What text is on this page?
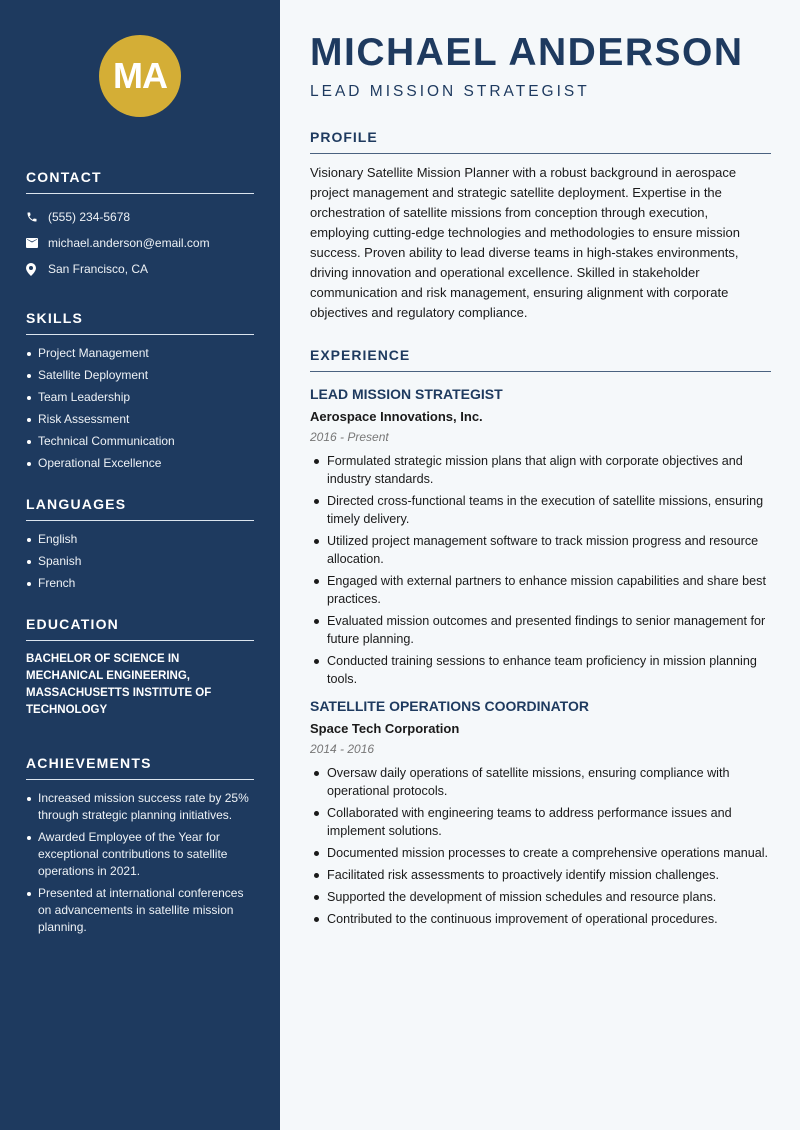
MA
CONTACT
(555) 234-5678
michael.anderson@email.com
San Francisco, CA
SKILLS
Project Management
Satellite Deployment
Team Leadership
Risk Assessment
Technical Communication
Operational Excellence
LANGUAGES
English
Spanish
French
EDUCATION
BACHELOR OF SCIENCE IN MECHANICAL ENGINEERING, MASSACHUSETTS INSTITUTE OF TECHNOLOGY
ACHIEVEMENTS
Increased mission success rate by 25% through strategic planning initiatives.
Awarded Employee of the Year for exceptional contributions to satellite operations in 2021.
Presented at international conferences on advancements in satellite mission planning.
MICHAEL ANDERSON
LEAD MISSION STRATEGIST
PROFILE

Visionary Satellite Mission Planner with a robust background in aerospace project management and strategic satellite deployment. Expertise in the orchestration of satellite missions from conception through execution, employing cutting-edge technologies and methodologies to ensure mission success. Proven ability to lead diverse teams in high-stakes environments, driving innovation and operational excellence. Skilled in stakeholder communication and risk management, ensuring alignment with corporate objectives and regulatory compliance.

EXPERIENCE
LEAD MISSION STRATEGIST
Aerospace Innovations, Inc.
2016 - Present
Formulated strategic mission plans that align with corporate objectives and industry standards.
Directed cross-functional teams in the execution of satellite missions, ensuring timely delivery.
Utilized project management software to track mission progress and resource allocation.
Engaged with external partners to enhance mission capabilities and share best practices.
Evaluated mission outcomes and presented findings to senior management for future planning.
Conducted training sessions to enhance team proficiency in mission planning tools.
SATELLITE OPERATIONS COORDINATOR
Space Tech Corporation
2014 - 2016
Oversaw daily operations of satellite missions, ensuring compliance with operational protocols.
Collaborated with engineering teams to address performance issues and implement solutions.
Documented mission processes to create a comprehensive operations manual.
Facilitated risk assessments to proactively identify mission challenges.
Supported the development of mission schedules and resource plans.
Contributed to the continuous improvement of operational procedures.
